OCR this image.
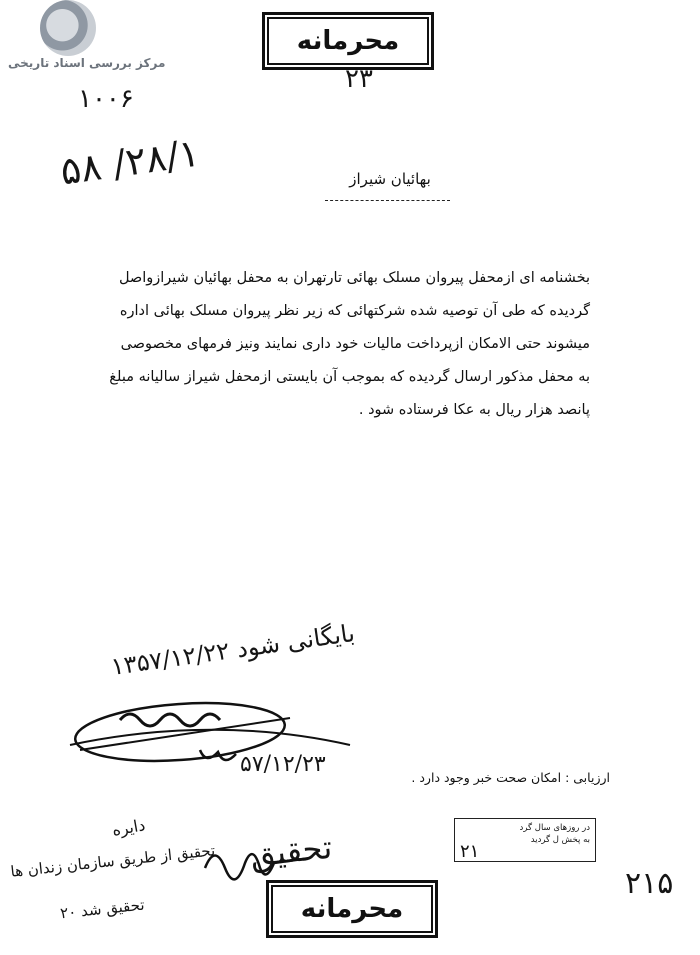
مرکز بررسی اسناد تاریخی
محرمانه
۲۳
۱۰۰۶
۲۸/۱/ ۵۸	بهائیان شیراز

بخشنامه ای ازمحفل پیروان مسلک بهائی تارتهران به محفل بهائیان شیرازواصل

گردیده که طی آن توصیه شده شرکتهائی که زیر نظر پیروان مسلک بهائی اداره

میشوند حتی الامکان ازپرداخت مالیات خود داری نمایند ونیز فرمهای مخصوصی

به محفل مذکور ارسال گردیده که بموجب آن بایستی ازمحفل شیراز سالیانه مبلغ

پانصد هزار ریال به عکا فرستاده شود .

بایگانی شود ۱۳۵۷/۱۲/۲۲
۵۷/۱۲/۲۳
ارزیابی : امکان صحت خبر وجود دارد .
دایره
تحقیق
تحقیق از طریق سازمان زندان ها
تحقیق شد ۲۰
در روزهای سال گرد
به پخش ل گردید
۲۱
۲۱۵
محرمانه
